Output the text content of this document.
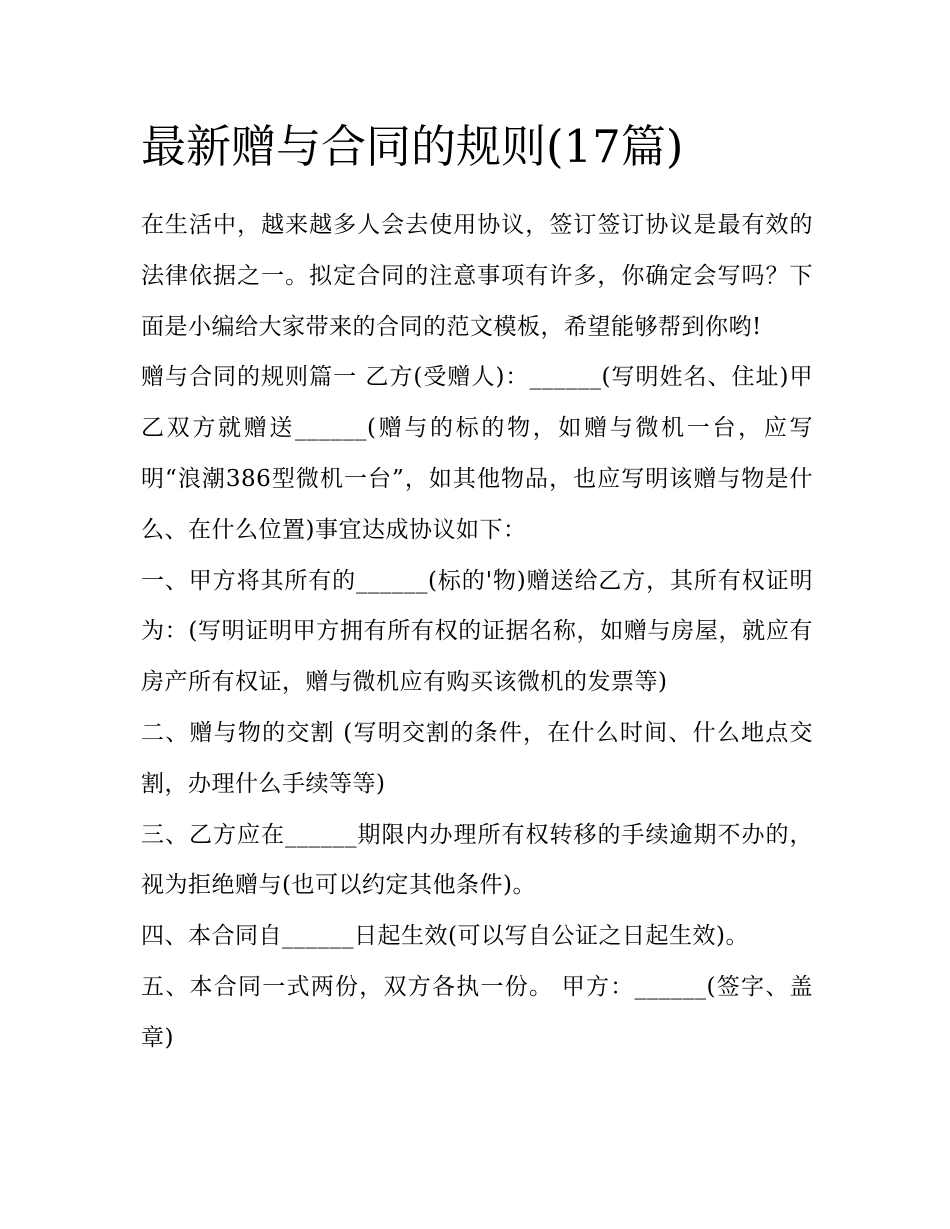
最新赠与合同的规则(17篇)

在生活中，越来越多人会去使用协议，签订签订协议是最有效的法律依据之一。拟定合同的注意事项有许多，你确定会写吗？下面是小编给大家带来的合同的范文模板，希望能够帮到你哟!

赠与合同的规则篇一 乙方(受赠人)：______(写明姓名、住址)甲乙双方就赠送______(赠与的标的物，如赠与微机一台，应写明“浪潮386型微机一台”，如其他物品，也应写明该赠与物是什么、在什么位置)事宜达成协议如下：

一、甲方将其所有的______(标的'物)赠送给乙方，其所有权证明为：(写明证明甲方拥有所有权的证据名称，如赠与房屋，就应有房产所有权证，赠与微机应有购买该微机的发票等)

二、赠与物的交割 (写明交割的条件，在什么时间、什么地点交割，办理什么手续等等)

三、乙方应在______期限内办理所有权转移的手续逾期不办的，视为拒绝赠与(也可以约定其他条件)。

四、本合同自______日起生效(可以写自公证之日起生效)。

五、本合同一式两份，双方各执一份。 甲方：______(签字、盖章)
